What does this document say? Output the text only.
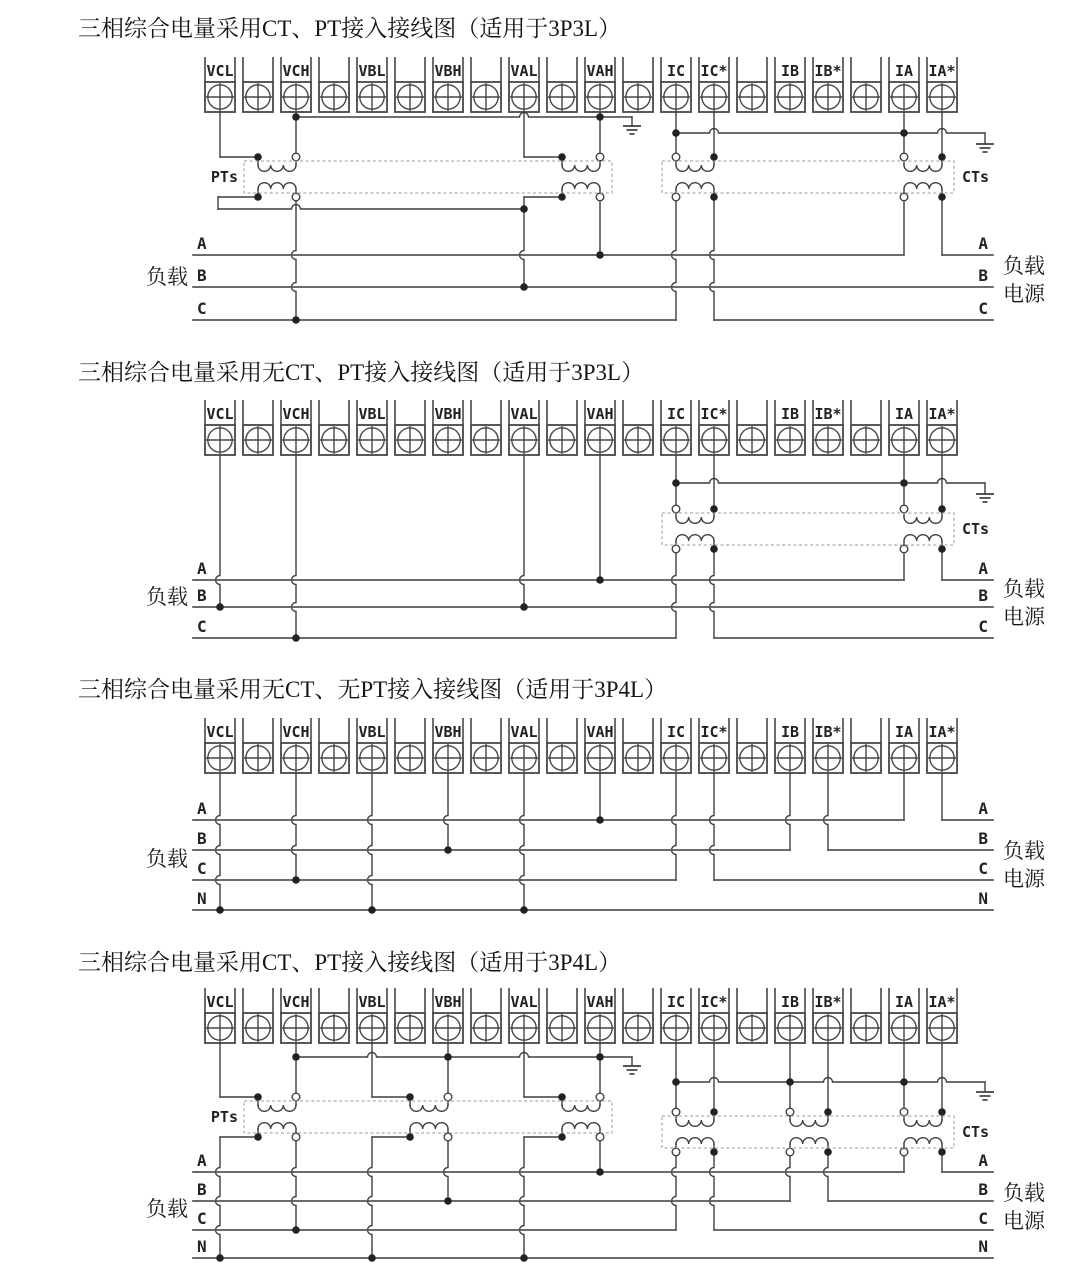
三相综合电量采用CT、PT接入接线图（适用于3P3L）
VCL	VCH	VBL	VBH	VAL	VAH	IC IC*	IB IB*	IA IA*
A	A
B	B
C	C
PTs	CTs
负载	负载
电源
三相综合电量采用无CT、PT接入接线图（适用于3P3L）
VCL	VCH	VBL	VBH	VAL	VAH	IC IC*	IB IB*	IA IA*
A	A
B	B
C	C
CTs
负载	负载
电源
三相综合电量采用无CT、无PT接入接线图（适用于3P4L）
VCL	VCH	VBL	VBH	VAL	VAH	IC IC*	IB IB*	IA IA*
A	A
B	B
C	C
N	N
负载	负载
电源
三相综合电量采用CT、PT接入接线图（适用于3P4L）
VCL	VCH	VBL	VBH	VAL	VAH	IC IC*	IB IB*	IA IA*
A	A
B	B
C	C
N	N
PTs
CTs
负载
负载
电源
